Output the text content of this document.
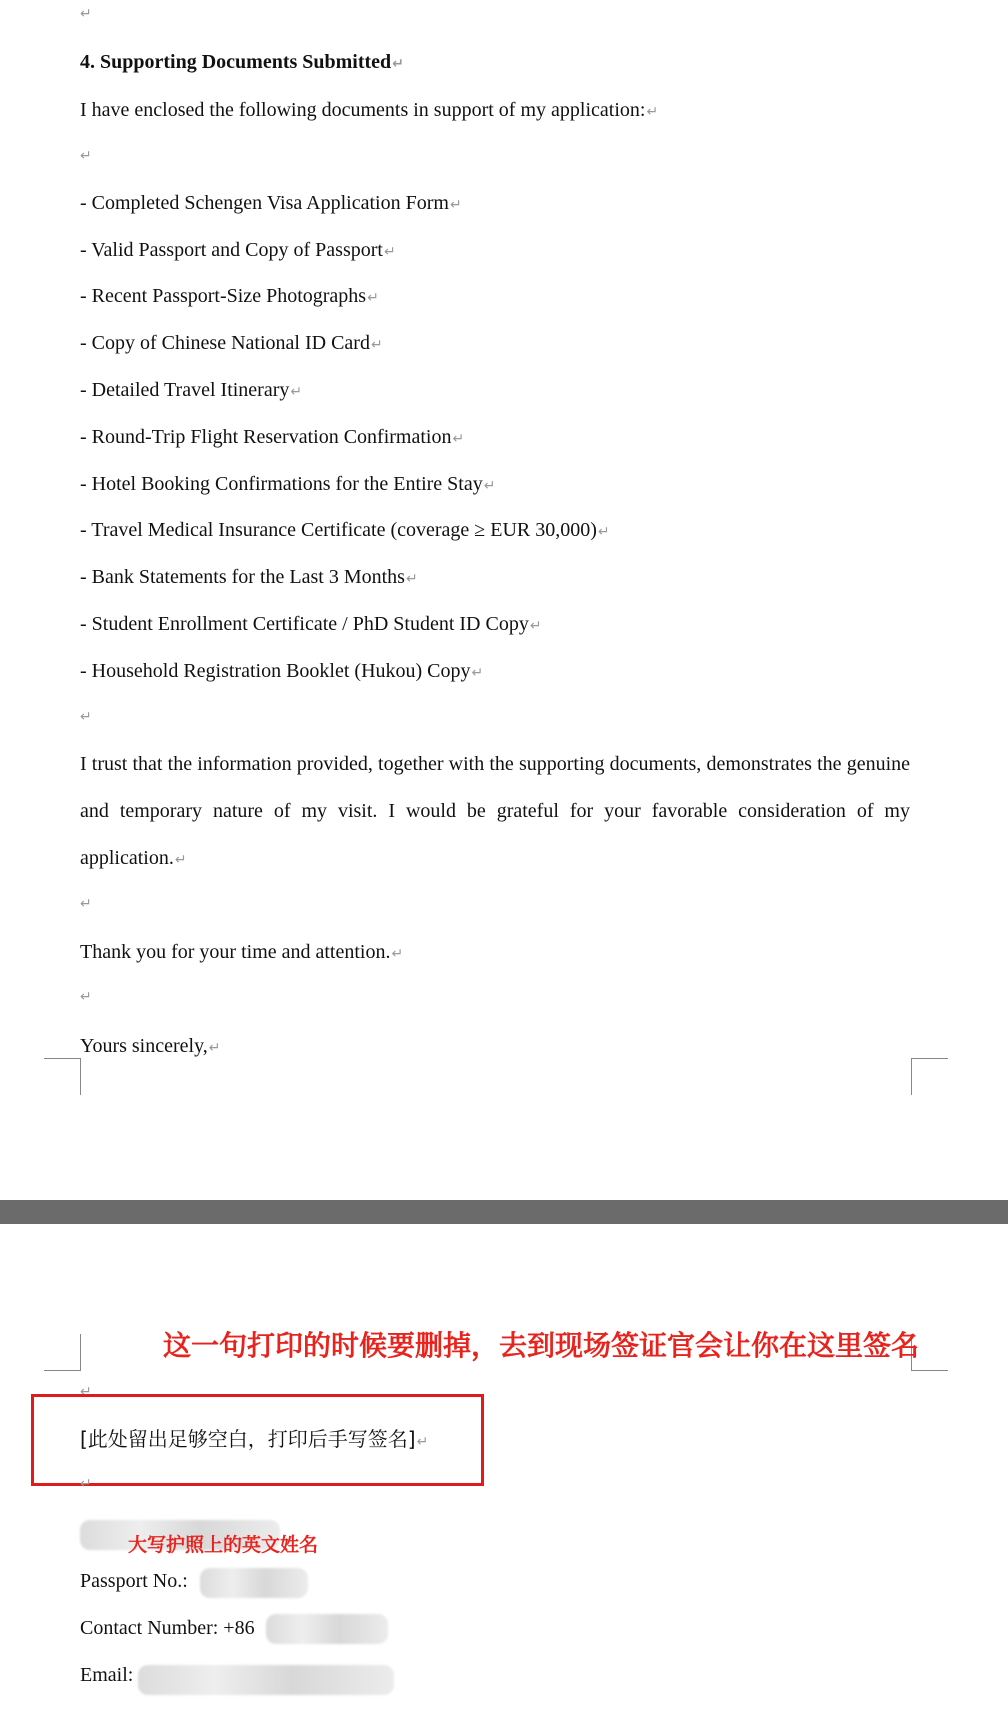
↵
4. Supporting Documents Submitted↵
I have enclosed the following documents in support of my application:↵
↵
- Completed Schengen Visa Application Form↵
- Valid Passport and Copy of Passport↵
- Recent Passport-Size Photographs↵
- Copy of Chinese National ID Card↵
- Detailed Travel Itinerary↵
- Round-Trip Flight Reservation Confirmation↵
- Hotel Booking Confirmations for the Entire Stay↵
- Travel Medical Insurance Certificate (coverage ≥ EUR 30,000)↵
- Bank Statements for the Last 3 Months↵
- Student Enrollment Certificate / PhD Student ID Copy↵
- Household Registration Booklet (Hukou) Copy↵
↵
I trust that the information provided, together with the supporting documents, demonstrates the genuine and temporary nature of my visit. I would be grateful for your favorable consideration of my application.↵
↵
Thank you for your time and attention.↵
↵
Yours sincerely,↵
这一句打印的时候要删掉，去到现场签证官会让你在这里签名
↵
[此处留出足够空白，打印后手写签名]↵
↵
大写护照上的英文姓名
Passport No.:
Contact Number: +86
Email:
